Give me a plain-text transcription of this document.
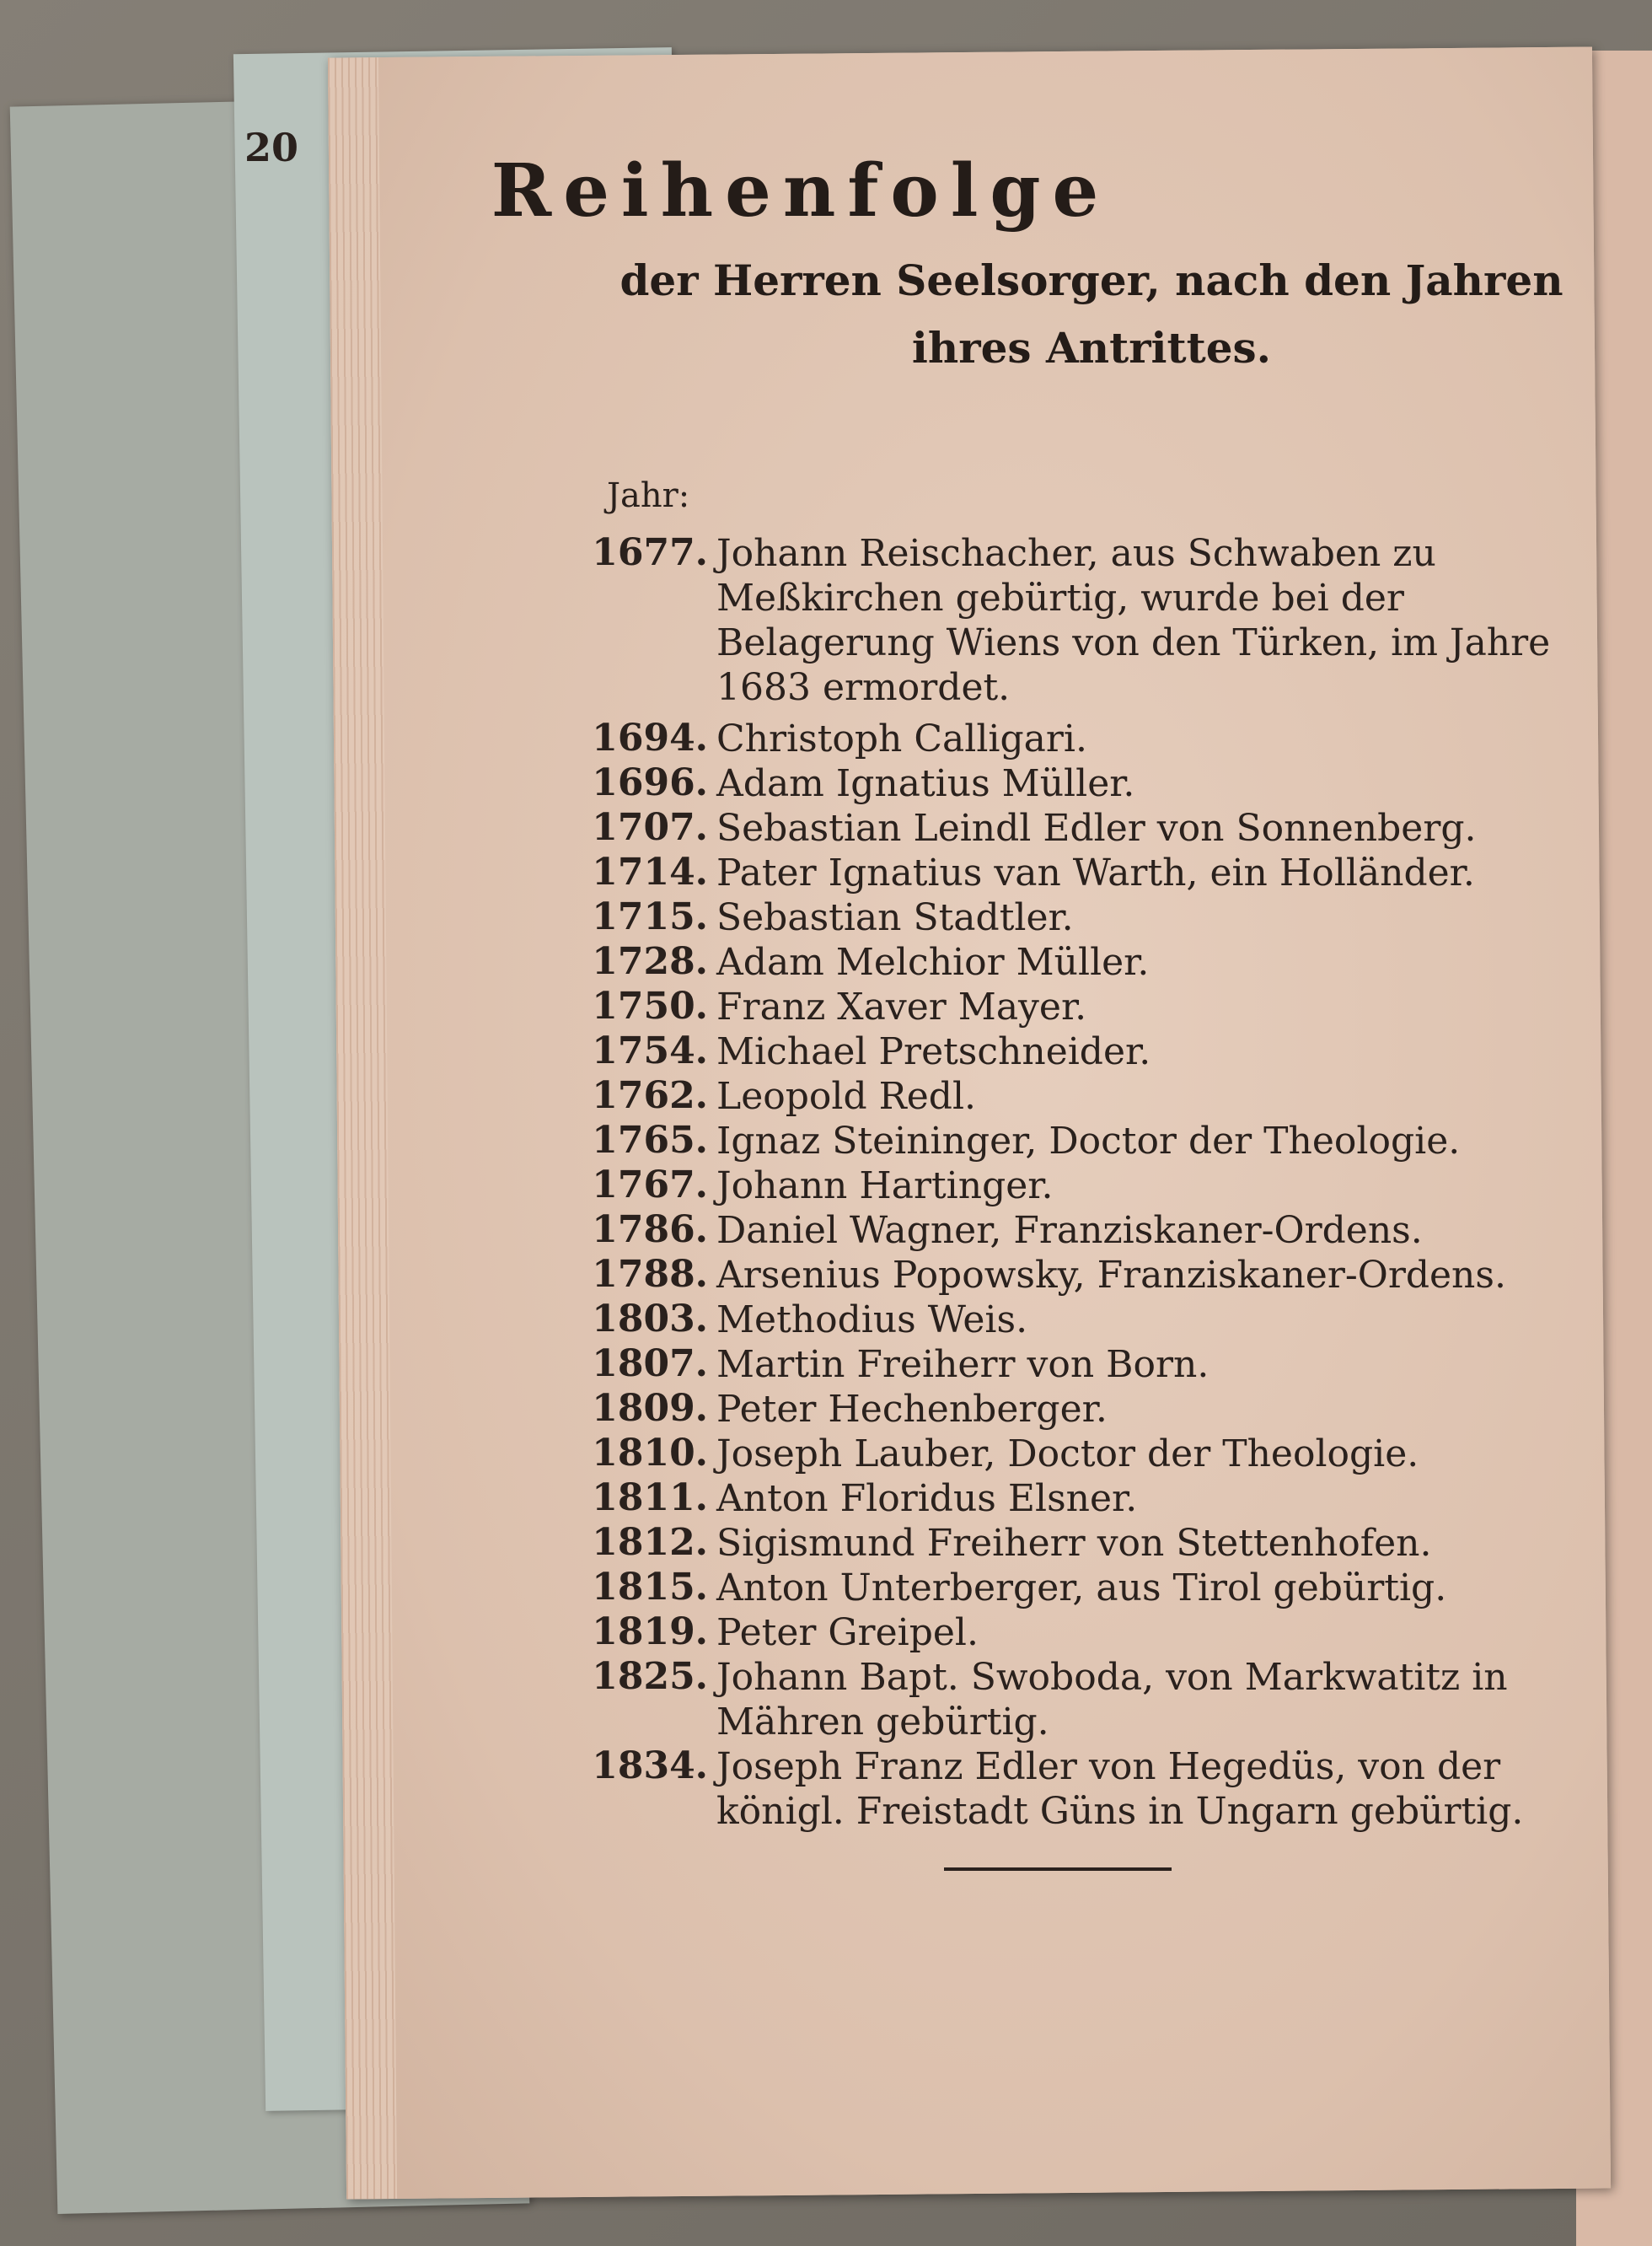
20
Reihenfolge
der Herren Seelsorger, nach den Jahren ihres Antrittes.
Jahr:
1677. Johann Reischacher, aus Schwaben zu Meßkirchen gebürtig, wurde bei der Belagerung Wiens von den Türken, im Jahre 1683 ermordet.
1694. Christoph Calligari.
1696. Adam Ignatius Müller.
1707. Sebastian Leindl Edler von Sonnenberg.
1714. Pater Ignatius van Warth, ein Holländer.
1715. Sebastian Stadtler.
1728. Adam Melchior Müller.
1750. Franz Xaver Mayer.
1754. Michael Pretschneider.
1762. Leopold Redl.
1765. Ignaz Steininger, Doctor der Theologie.
1767. Johann Hartinger.
1786. Daniel Wagner, Franziskaner-Ordens.
1788. Arsenius Popowsky, Franziskaner-Ordens.
1803. Methodius Weis.
1807. Martin Freiherr von Born.
1809. Peter Hechenberger.
1810. Joseph Lauber, Doctor der Theologie.
1811. Anton Floridus Elsner.
1812. Sigismund Freiherr von Stettenhofen.
1815. Anton Unterberger, aus Tirol gebürtig.
1819. Peter Greipel.
1825. Johann Bapt. Swoboda, von Markwatitz in Mähren gebürtig.
1834. Joseph Franz Edler von Hegedüs, von der königl. Freistadt Güns in Ungarn gebürtig.
